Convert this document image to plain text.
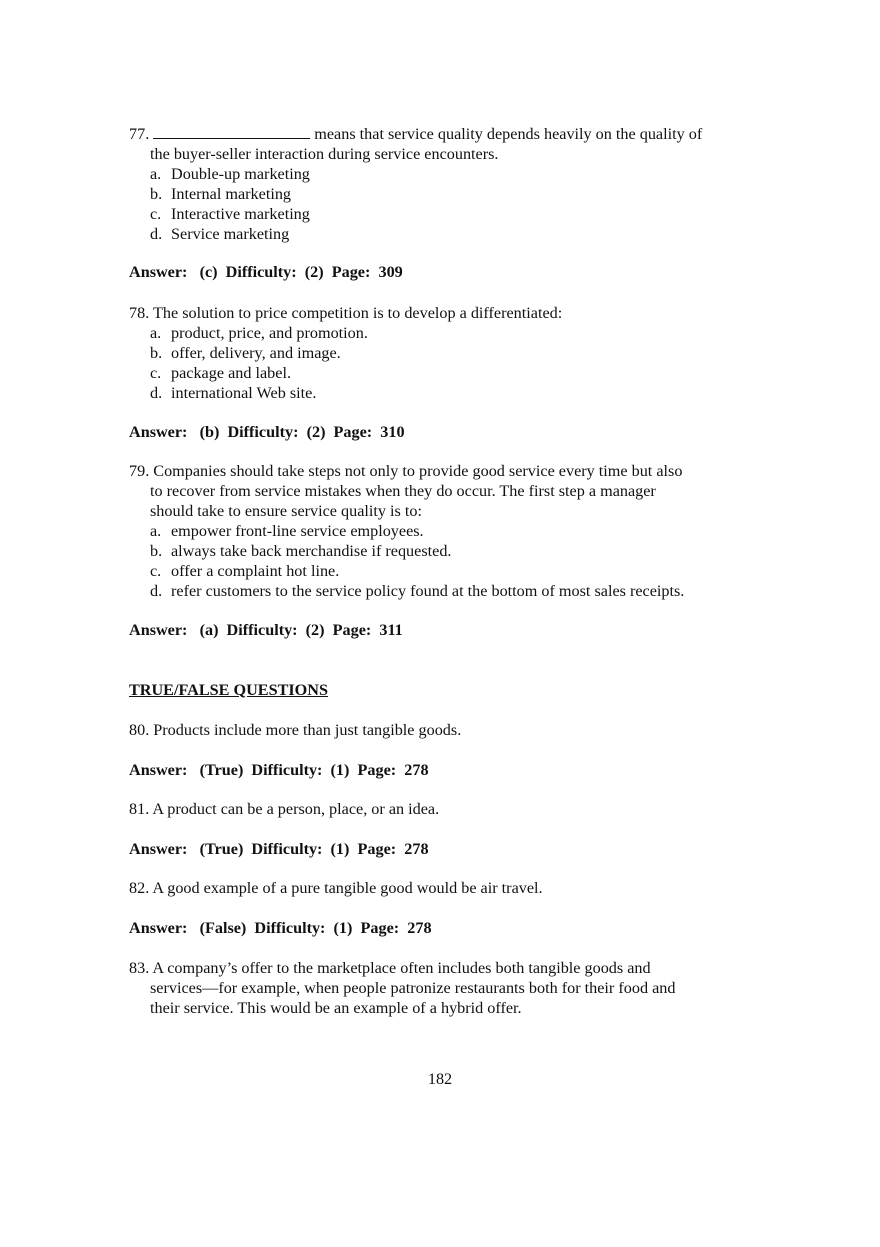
77.	means that service quality depends heavily on the quality of
the buyer-seller interaction during service encounters.
a. Double-up marketing
b. Internal marketing
c. Interactive marketing
d. Service marketing
Answer:   (c)  Difficulty:  (2)  Page:  309
78. The solution to price competition is to develop a differentiated:
a. product, price, and promotion.
b. offer, delivery, and image.
c. package and label.
d. international Web site.
Answer:   (b)  Difficulty:  (2)  Page:  310
79. Companies should take steps not only to provide good service every time but also
to recover from service mistakes when they do occur. The first step a manager
should take to ensure service quality is to:
a. empower front-line service employees.
b. always take back merchandise if requested.
c. offer a complaint hot line.
d. refer customers to the service policy found at the bottom of most sales receipts.
Answer:   (a)  Difficulty:  (2)  Page:  311
TRUE/FALSE QUESTIONS
80. Products include more than just tangible goods.
Answer:   (True)  Difficulty:  (1)  Page:  278
81. A product can be a person, place, or an idea.
Answer:   (True)  Difficulty:  (1)  Page:  278
82. A good example of a pure tangible good would be air travel.
Answer:   (False)  Difficulty:  (1)  Page:  278
83. A company’s offer to the marketplace often includes both tangible goods and
services—for example, when people patronize restaurants both for their food and
their service. This would be an example of a hybrid offer.
182
